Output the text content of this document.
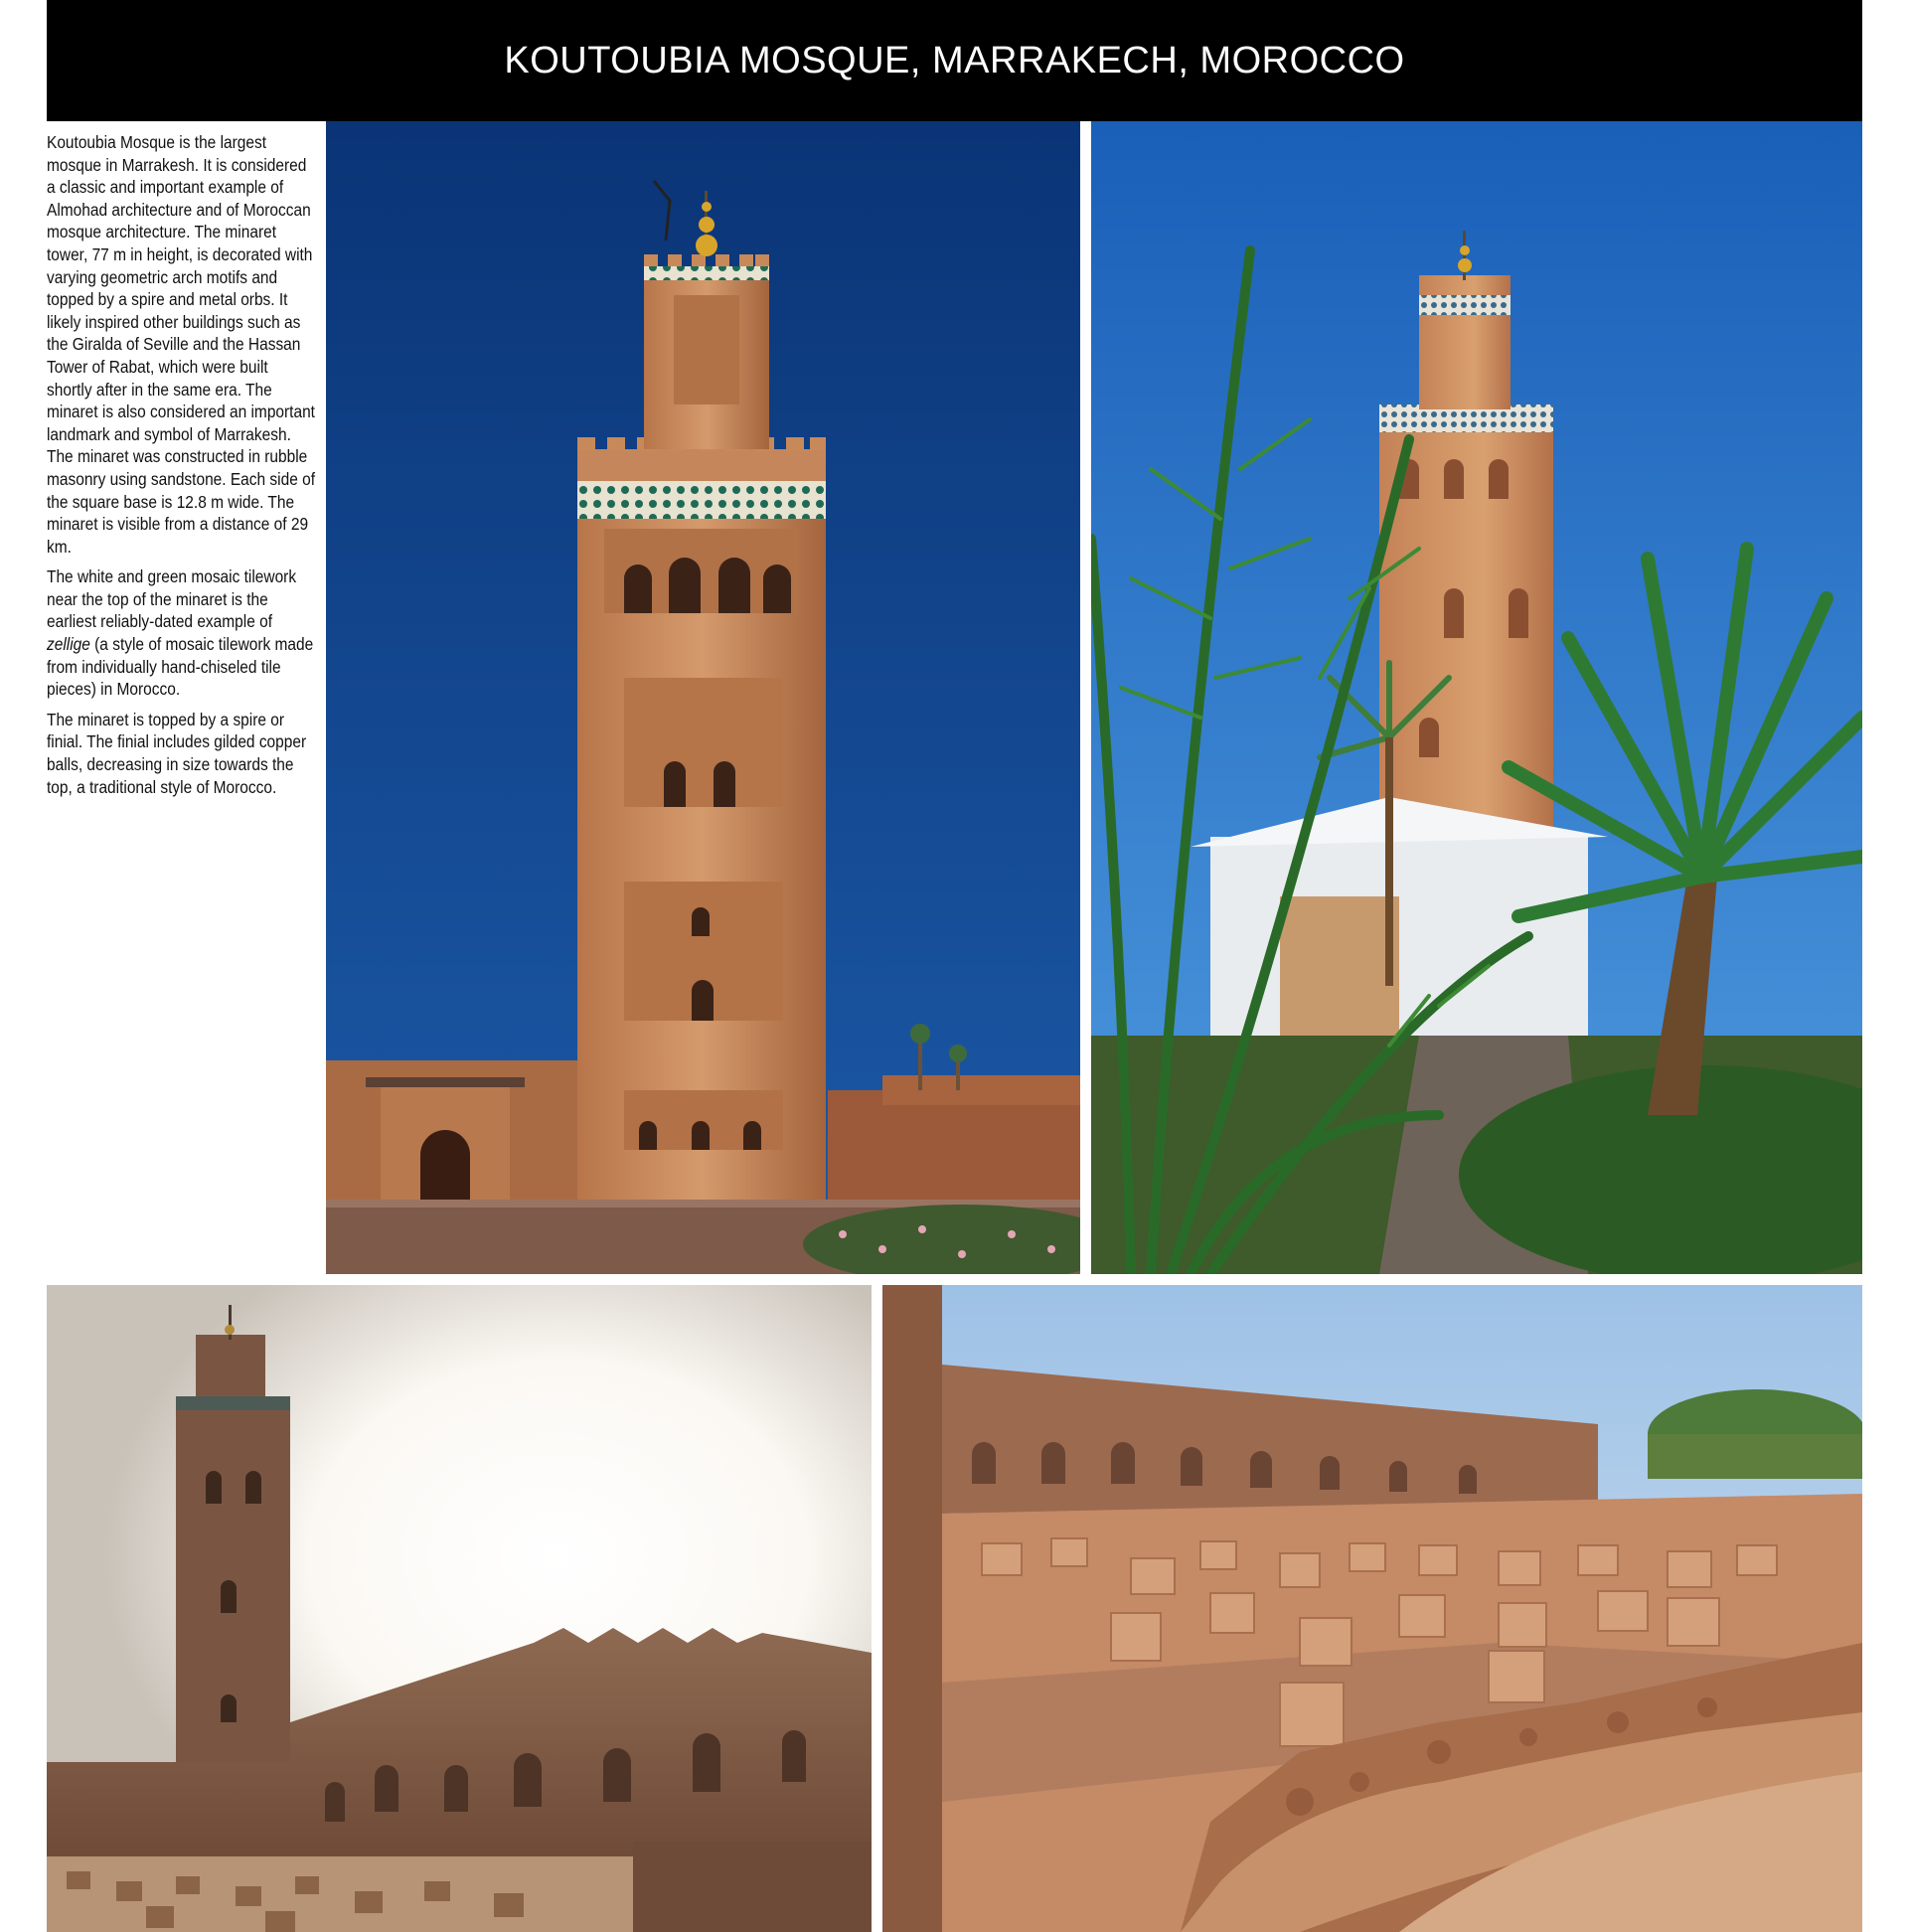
KOUTOUBIA MOSQUE, MARRAKECH, MOROCCO

Koutoubia Mosque is the largest mosque in Marrakesh. It is considered a classic and important example of Almohad architecture and of Moroccan mosque architecture. The minaret tower, 77 m in height, is decorated with varying geometric arch motifs and topped by a spire and metal orbs. It likely inspired other buildings such as the Giralda of Seville and the Hassan Tower of Rabat, which were built shortly after in the same era. The minaret is also considered an important landmark and symbol of Marrakesh. The minaret was constructed in rubble masonry using sandstone. Each side of the square base is 12.8 m wide. The minaret is visible from a distance of 29 km.

The white and green mosaic tilework near the top of the minaret is the earliest reliably-dated example of zellige (a style of mosaic tilework made from individually hand-chiseled tile pieces) in Morocco.

The minaret is topped by a spire or finial. The finial includes gilded copper balls, decreasing in size towards the top, a traditional style of Morocco.
